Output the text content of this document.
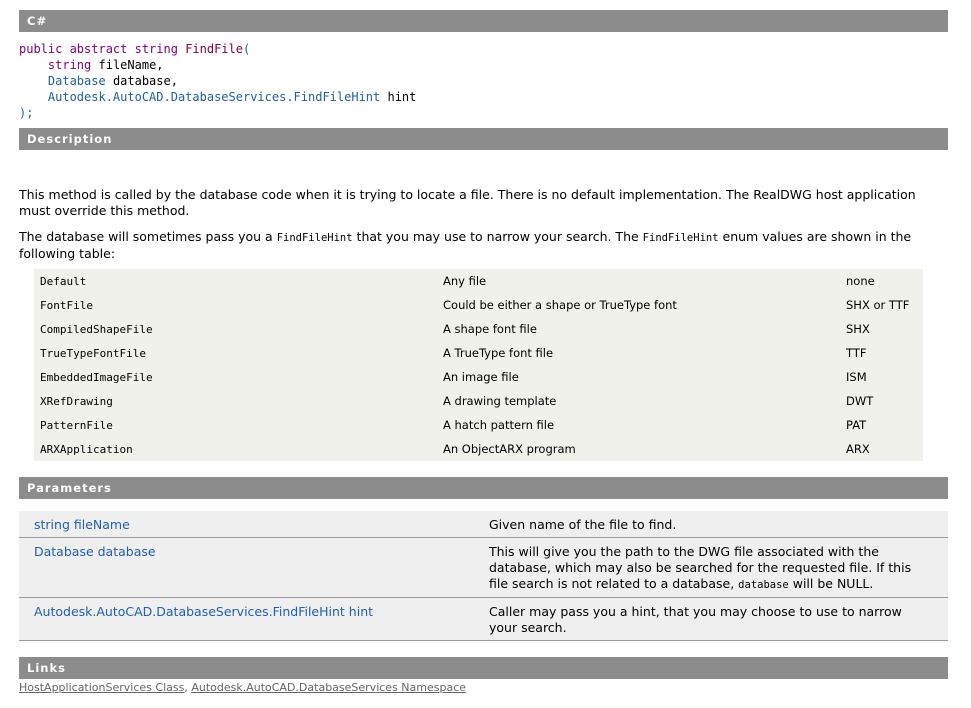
C#
public abstract string FindFile(
string fileName,
Database database,
Autodesk.AutoCAD.DatabaseServices.FindFileHint hint
);
Description

This method is called by the database code when it is trying to locate a file. There is no default implementation. The RealDWG host application must override this method.

The database will sometimes pass you a FindFileHint that you may use to narrow your search. The FindFileHint enum values are shown in the following table:

Default	Any file	none
FontFile	Could be either a shape or TrueType font	SHX or TTF
CompiledShapeFile	A shape font file	SHX
TrueTypeFontFile	A TrueType font file	TTF
EmbeddedImageFile	An image file	ISM
XRefDrawing	A drawing template	DWT
PatternFile	A hatch pattern file	PAT
ARXApplication	An ObjectARX program	ARX
Parameters
string fileName	Given name of the file to find.
Database database	This will give you the path to the DWG file associated with the database, which may also be searched for the requested file. If this file search is not related to a database, database will be NULL.
Autodesk.AutoCAD.DatabaseServices.FindFileHint hint	Caller may pass you a hint, that you may choose to use to narrow your search.
Links
HostApplicationServices Class, Autodesk.AutoCAD.DatabaseServices Namespace
